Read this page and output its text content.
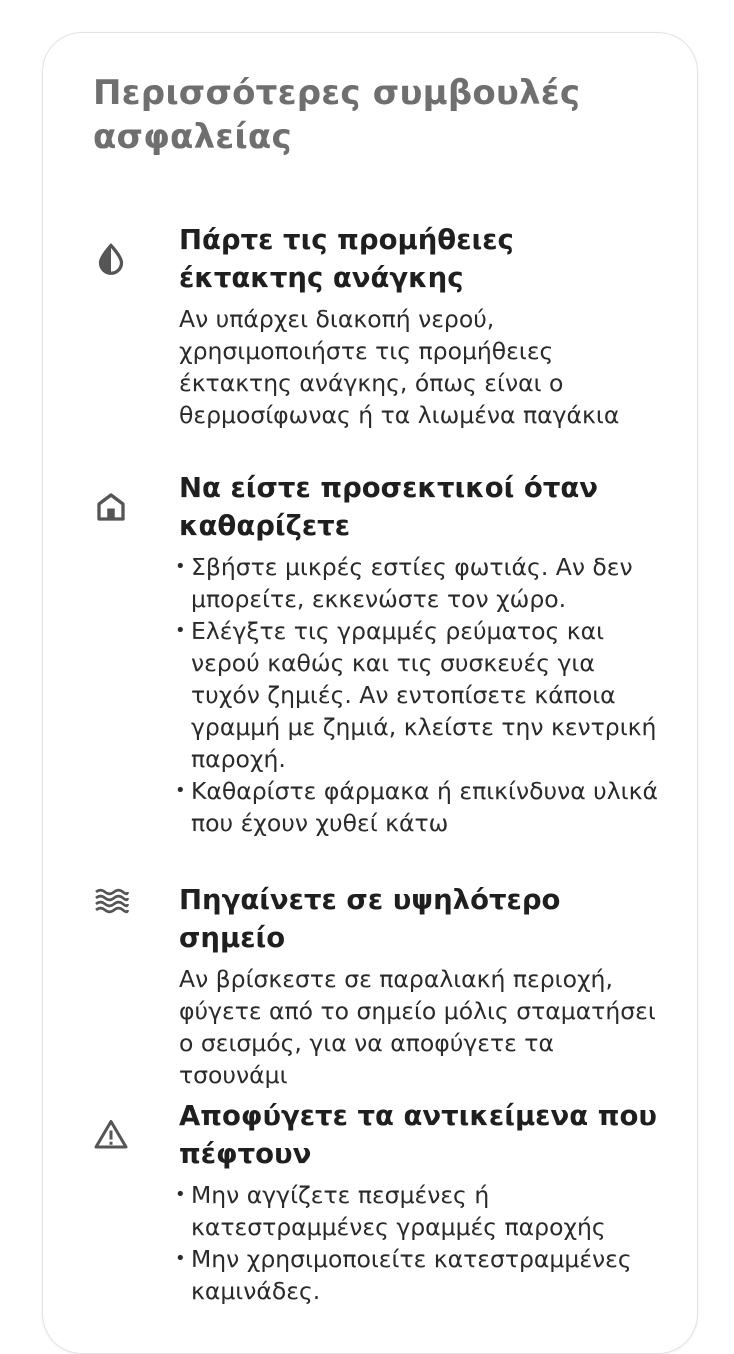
Περισσότερες συμβουλές ασφαλείας
Πάρτε τις προμήθειες έκτακτης ανάγκης

Αν υπάρχει διακοπή νερού, χρησιμοποιήστε τις προμήθειες έκτακτης ανάγκης, όπως είναι ο θερμοσίφωνας ή τα λιωμένα παγάκια

Να είστε προσεκτικοί όταν καθαρίζετε
• Σβήστε μικρές εστίες φωτιάς. Αν δεν μπορείτε, εκκενώστε τον χώρο.
• Ελέγξτε τις γραμμές ρεύματος και νερού καθώς και τις συσκευές για τυχόν ζημιές. Αν εντοπίσετε κάποια γραμμή με ζημιά, κλείστε την κεντρική παροχή.
• Καθαρίστε φάρμακα ή επικίνδυνα υλικά που έχουν χυθεί κάτω
Πηγαίνετε σε υψηλότερο σημείο

Αν βρίσκεστε σε παραλιακή περιοχή, φύγετε από το σημείο μόλις σταματήσει ο σεισμός, για να αποφύγετε τα τσουνάμι

Αποφύγετε τα αντικείμενα που πέφτουν
• Μην αγγίζετε πεσμένες ή κατεστραμμένες γραμμές παροχής
• Μην χρησιμοποιείτε κατεστραμμένες καμινάδες.
